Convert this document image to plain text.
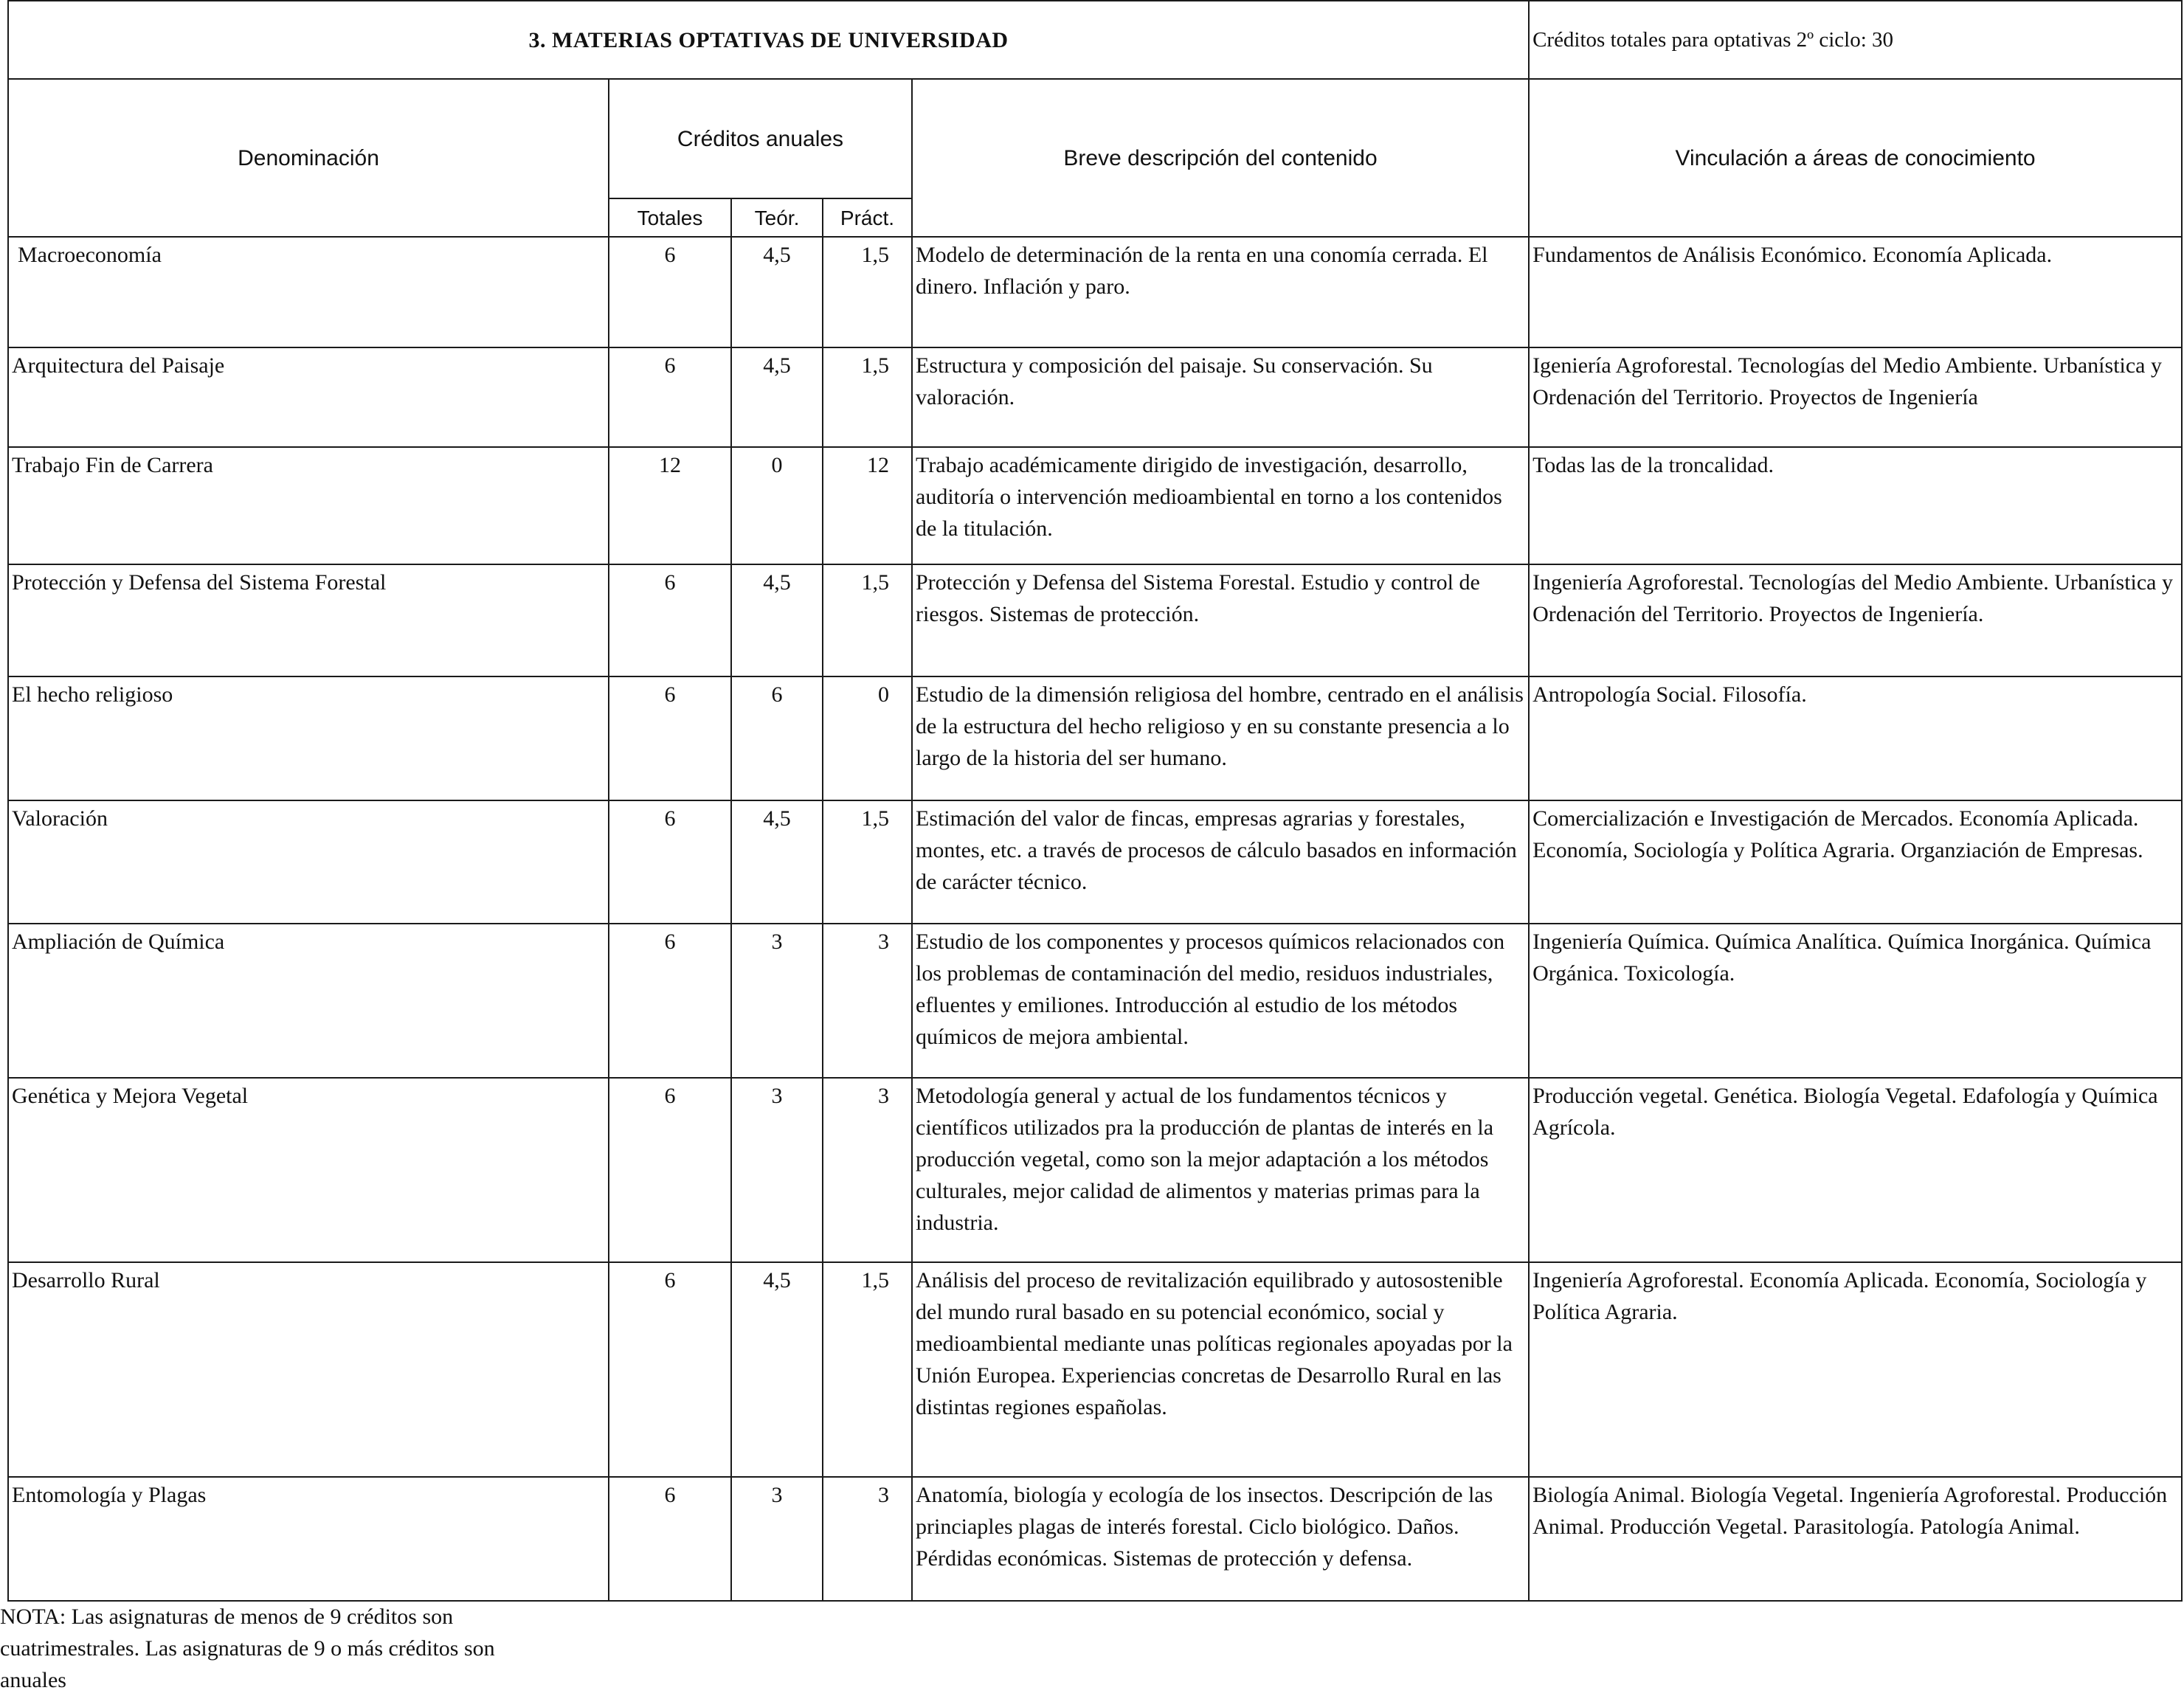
3. MATERIAS OPTATIVAS DE UNIVERSIDAD					Créditos totales para optativas 2º ciclo: 30
Denominación	Créditos anuales			Breve descripción del contenido	Vinculación a áreas de conocimiento
	Totales	Teór.	Práct.		
Macroeconomía	6	4,5	1,5	Modelo de determinación de la renta en una conomía cerrada. El dinero. Inflación y paro.	Fundamentos de Análisis Económico. Economía Aplicada.
Arquitectura del Paisaje	6	4,5	1,5	Estructura y composición del paisaje. Su conservación. Su valoración.	Igeniería Agroforestal. Tecnologías del Medio Ambiente. Urbanística y Ordenación del Territorio. Proyectos de Ingeniería
Trabajo Fin de Carrera	12	0	12	Trabajo académicamente dirigido de investigación, desarrollo, auditoría o intervención medioambiental en torno a los contenidos de la titulación.	Todas las de la troncalidad.
Protección y Defensa del Sistema Forestal	6	4,5	1,5	Protección y Defensa del Sistema Forestal. Estudio y control de riesgos. Sistemas de protección.	Ingeniería Agroforestal. Tecnologías del Medio Ambiente. Urbanística y Ordenación del Territorio. Proyectos de Ingeniería.
El hecho religioso	6	6	0	Estudio de la dimensión religiosa del hombre, centrado en el análisis de la estructura del hecho religioso y en su constante presencia a lo largo de la historia del ser humano.	Antropología Social. Filosofía.
Valoración	6	4,5	1,5	Estimación del valor de fincas, empresas agrarias y forestales, montes, etc. a través de procesos de cálculo basados en información de carácter técnico.	Comercialización e Investigación de Mercados. Economía Aplicada. Economía, Sociología y Política Agraria. Organziación de Empresas.
Ampliación de Química	6	3	3	Estudio de los componentes y procesos químicos relacionados con los problemas de contaminación del medio, residuos industriales, efluentes y emiliones. Introducción al estudio de los métodos químicos de mejora ambiental.	Ingeniería Química. Química Analítica. Química Inorgánica. Química Orgánica. Toxicología.
Genética y Mejora Vegetal	6	3	3	Metodología general y actual de los fundamentos técnicos y científicos utilizados pra la producción de plantas de interés en la producción vegetal, como son la mejor adaptación a los métodos culturales, mejor calidad de alimentos y materias primas para la industria.	Producción vegetal. Genética. Biología Vegetal. Edafología y Química Agrícola.
Desarrollo Rural	6	4,5	1,5	Análisis del proceso de revitalización equilibrado y autosostenible del mundo rural basado en su potencial económico, social y medioambiental mediante unas políticas regionales apoyadas por la Unión Europea. Experiencias concretas de Desarrollo Rural en las distintas regiones españolas.	Ingeniería Agroforestal. Economía Aplicada. Economía, Sociología y Política Agraria.
Entomología y Plagas	6	3	3	Anatomía, biología y ecología de los insectos. Descripción de las princiaples plagas de interés forestal. Ciclo biológico. Daños. Pérdidas económicas. Sistemas de protección y defensa.	Biología Animal. Biología Vegetal. Ingeniería Agroforestal. Producción Animal. Producción Vegetal. Parasitología. Patología Animal.
NOTA: Las asignaturas de menos de 9 créditos son cuatrimestrales. Las asignaturas de 9 o más créditos son anuales
